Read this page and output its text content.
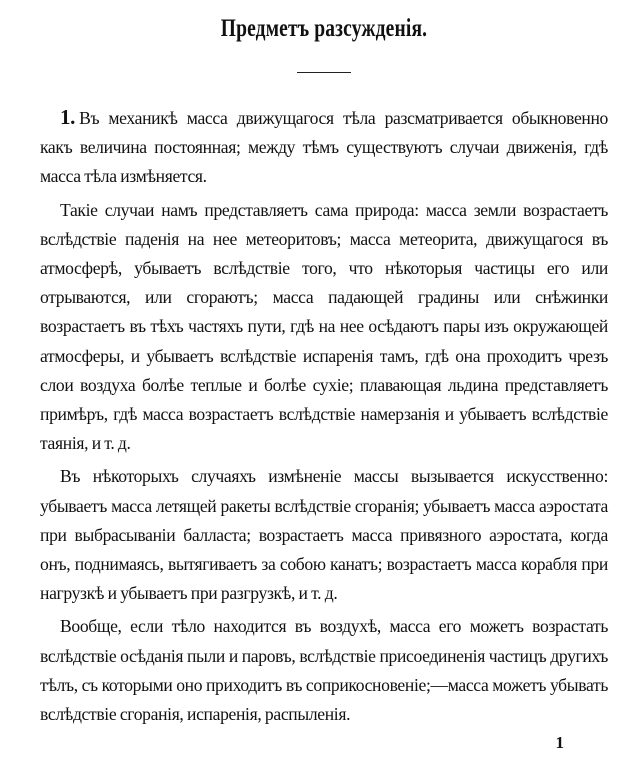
Предметъ разсужденія.

1. Въ механикѣ масса движущагося тѣла разсматривается обыкновенно какъ величина постоянная; между тѣмъ существуютъ случаи движенія, гдѣ масса тѣла измѣняется.

Такіе случаи намъ представляетъ сама природа: масса земли возрастаетъ вслѣдствіе паденія на нее метеоритовъ; масса метеорита, движущагося въ атмосферѣ, убываетъ вслѣдствіе того, что нѣкоторыя частицы его или отрываются, или сгораютъ; масса падающей градины или снѣжинки возрастаетъ въ тѣхъ частяхъ пути, гдѣ на нее осѣдаютъ пары изъ окружающей атмосферы, и убываетъ вслѣдствіе испаренія тамъ, гдѣ она проходитъ чрезъ слои воздуха болѣе теплые и болѣе сухіе; плавающая льдина представляетъ примѣръ, гдѣ масса возрастаетъ вслѣдствіе намерзанія и убываетъ вслѣдствіе таянія, и т. д.

Въ нѣкоторыхъ случаяхъ измѣненіе массы вызывается искусственно: убываетъ масса летящей ракеты вслѣдствіе сгоранія; убываетъ масса аэростата при выбрасываніи балласта; возрастаетъ масса привязного аэростата, когда онъ, поднимаясь, вытягиваетъ за собою канатъ; возрастаетъ масса корабля при нагрузкѣ и убываетъ при разгрузкѣ, и т. д.

Вообще, если тѣло находится въ воздухѣ, масса его можетъ возрастать вслѣдствіе осѣданія пыли и паровъ, вслѣдствіе присоединенія частицъ другихъ тѣлъ, съ которыми оно приходитъ въ соприкосновеніе;—масса можетъ убывать вслѣдствіе сгоранія, испаренія, распыленія.

1
